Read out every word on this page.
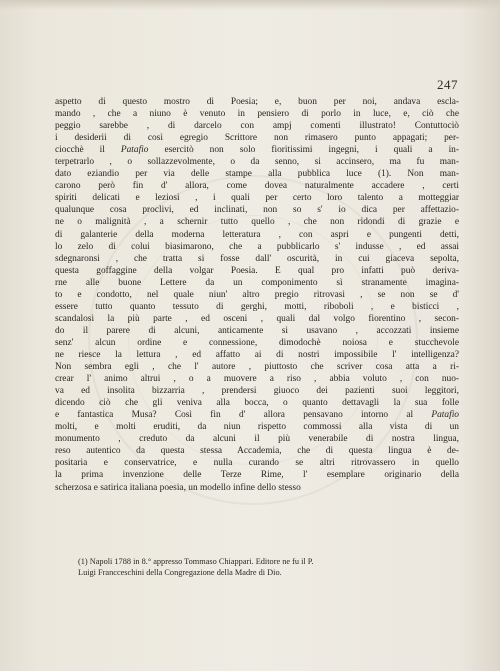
247
aspetto di questo mostro di Poesia; e, buon per noi, andava escla-
mando , che a niuno è venuto in pensiero di porlo in luce, e, ciò che
peggio sarebbe , di darcelo con ampj comenti illustrato! Contuttociò
i desiderii di così egregio Scrittore non rimasero punto appagati; per-
ciocchè il Patafio esercitò non solo fioritissimi ingegni, i quali a in-
terpetrarlo , o sollazzevolmente, o da senno, si accinsero, ma fu man-
dato eziandio per via delle stampe alla pubblica luce (1). Non man-
carono però fin d' allora, come dovea naturalmente accadere , certi
spiriti delicati e leziosi , i quali per certo loro talento a motteggiar
qualunque cosa proclivi, ed inclinati, non so s' io dica per affettazio-
ne o malignità , a schernir tutto quello , che non ridondi di grazie e
di galanterie della moderna letteratura , con aspri e pungenti detti,
lo zelo di colui biasimarono, che a pubblicarlo s' indusse , ed assai
sdegnaronsi , che tratta si fosse dall' oscurità, in cui giaceva sepolta,
questa goffaggine della volgar Poesia. E qual pro infatti può deriva-
rne alle buone Lettere da un componimento sì stranamente imagina-
to e condotto, nel quale niun' altro pregio ritrovasi , se non se d'
essere tutto quanto tessuto di gerghi, motti, riboboli , e bisticci ,
scandalosi la più parte , ed osceni , quali dal volgo fiorentino , secon-
do il parere di alcuni, anticamente si usavano , accozzati insieme
senz' alcun ordine e connessione, dimodochè noiosa e stucchevole
ne riesce la lettura , ed affatto ai di nostri impossibile l' intelligenza?
Non sembra egli , che l' autore , piuttosto che scriver cosa atta a ri-
crear l' animo altrui , o a muovere a riso , abbia voluto , con nuo-
va ed insolita bizzarria , prendersi giuoco dei pazienti suoi leggitori,
dicendo ciò che gli veniva alla bocca, o quanto dettavagli la sua folle
e fantastica Musa? Così fin d' allora pensavano intorno al Patafio
molti, e molti eruditi, da niun rispetto commossi alla vista di un
monumento , creduto da alcuni il più venerabile di nostra lingua,
reso autentico da questa stessa Accademia, che di questa lingua è de-
positaria e conservatrice, e nulla curando se altri ritrovassero in quello
la prima invenzione delle Terze Rime, l' esemplare originario della
scherzosa e satirica italiana poesia, un modello infine dello stesso
(1) Napoli 1788 in 8.° appresso Tommaso Chiappari. Editore ne fu il P.
Luigi Francceschini della Congregazione della Madre di Dio.
